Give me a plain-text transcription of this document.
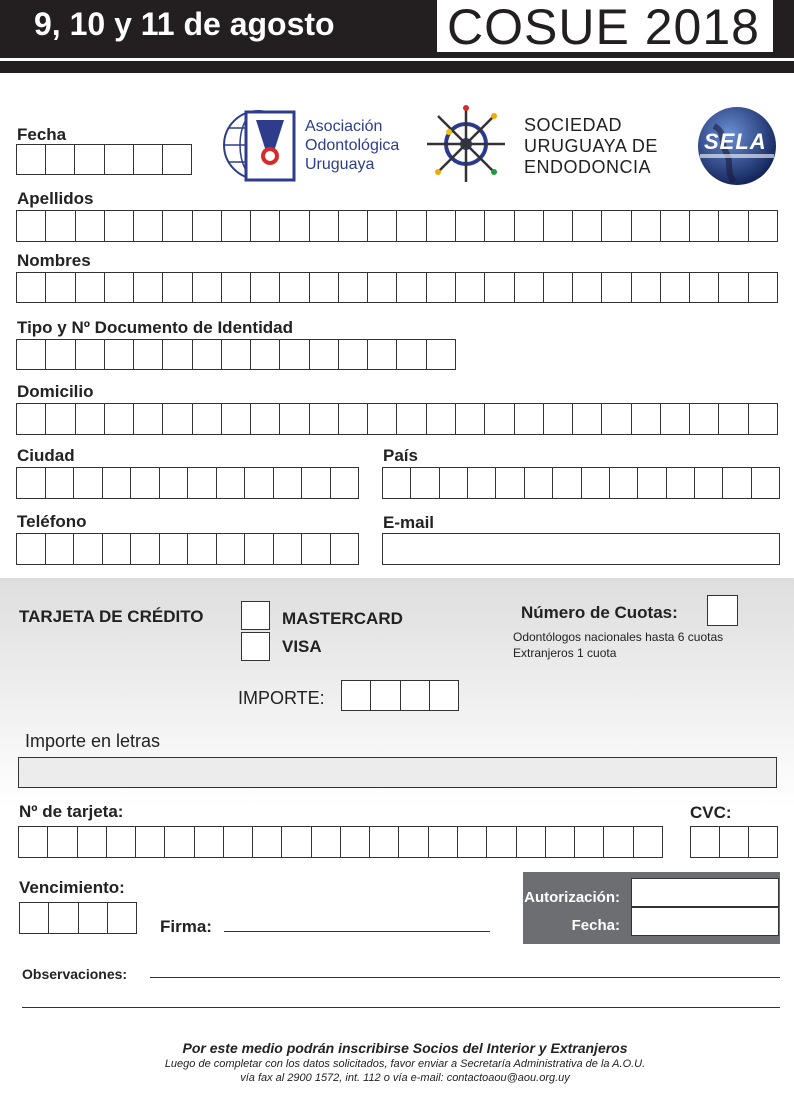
9, 10 y 11 de agosto COSUE 2018
Asociación
Odontológica
Uruguaya
SOCIEDAD
URUGUAYA DE
ENDODONCIA
SELA
Fecha
Apellidos
Nombres
Tipo y Nº Documento de Identidad
Domicilio
Ciudad	País
Teléfono	E-mail
TARJETA DE CRÉDITO	MASTERCARD
VISA
Número de Cuotas:
Odontólogos nacionales hasta 6 cuotas
Extranjeros 1 cuota
IMPORTE:
Importe en letras
Nº de tarjeta:	CVC:
Vencimiento:
Firma:
Autorización:
Fecha:
Observaciones:
Por este medio podrán inscribirse Socios del Interior y Extranjeros
Luego de completar con los datos solicitados, favor enviar a Secretaría Administrativa de la A.O.U.
vía fax al 2900 1572, int. 112 o vía e-mail: contactoaou@aou.org.uy
